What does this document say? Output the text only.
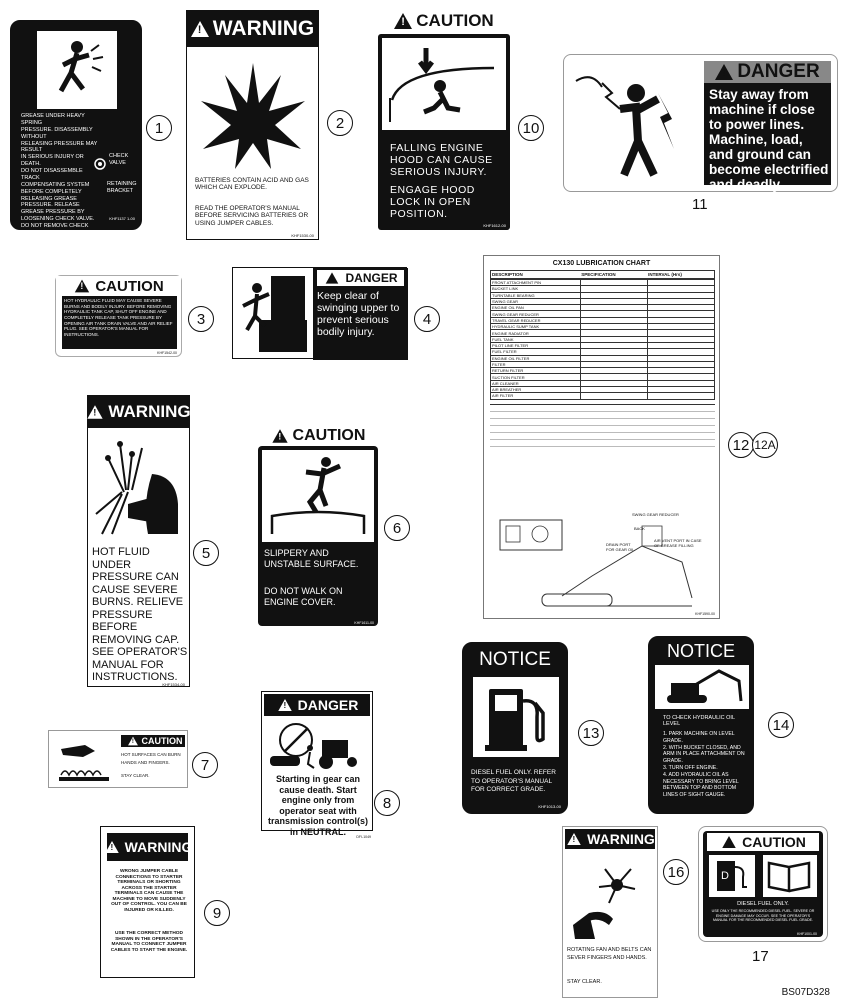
GREASE UNDER HEAVY SPRING
PRESSURE. DISASSEMBLY WITHOUT
RELEASING PRESSURE MAY RESULT
IN SERIOUS INJURY OR DEATH.
DO NOT DISASSEMBLE TRACK
COMPENSATING SYSTEM
BEFORE COMPLETELY
RELEASING GREASE
PRESSURE. RELEASE
GREASE PRESSURE BY
LOOSENING CHECK VALVE.
DO NOT REMOVE CHECK VALVE
OR RETAINING BRACKET.
CHECK VALVE
RETAINING BRACKET
KHF1137 1-00
1
!
WARNING
BATTERIES CONTAIN ACID AND GAS WHICH CAN EXPLODE.
READ THE OPERATOR'S MANUAL BEFORE SERVICING BATTERIES OR USING JUMPER CABLES.
KHF1530-00
2
!
CAUTION
FALLING ENGINE HOOD CAN CAUSE SERIOUS INJURY.
ENGAGE HOOD LOCK IN OPEN POSITION.
KHF1612-00
10
!
DANGER
Stay away from machine if close to power lines. Machine, load, and ground can become electrified and deadly.
11
!
CAUTION
HOT HYDRAULIC FLUID MAY CAUSE SEVERE BURNS AND BODILY INJURY. BEFORE REMOVING HYDRAULIC TANK CAP, SHUT OFF ENGINE AND COMPLETELY RELEASE TANK PRESSURE BY OPENING AIR TANK DRAIN VALVE AND AIR RELIEF PLUG. SEE OPERATOR'S MANUAL FOR INSTRUCTIONS.
KHF1542-00
3
!
DANGER
Keep clear of swinging upper to prevent serious bodily injury.
4
CX130 LUBRICATION CHART
DESCRIPTION	SPECIFICATION	INTERVAL (Hrs)
FRONT ATTACHMENT PIN		
BUCKET LINK		
TURNTABLE BEARING		
SWING GEAR		
ENGINE OIL PAN		
SWING GEAR REDUCER		
TRAVEL GEAR REDUCER		
HYDRAULIC SUMP TANK		
ENGINE RADIATOR		
FUEL TANK		
PILOT LINE FILTER		
FUEL FILTER		
ENGINE OIL FILTER		
FILTER		
RETURN FILTER		
SUCTION FILTER		
AIR CLEANER		
AIR BREATHER		
AIR FILTER		
SWING GEAR REDUCER
BACK
DRAIN PORT FOR GEAR OIL
AIR VENT PORT IN CASE OF GREASE FILLING
KHF1590-00
12 12A
!
WARNING
HOT FLUID UNDER PRESSURE CAN CAUSE SEVERE BURNS. RELIEVE PRESSURE BEFORE REMOVING CAP. SEE OPERATOR'S MANUAL FOR INSTRUCTIONS.
KHF1534-00
5
!
CAUTION
SLIPPERY AND UNSTABLE SURFACE.
DO NOT WALK ON ENGINE COVER.
KHF1611-00
6
!
CAUTION
HOT SURFACES CAN BURN HANDS AND FINGERS.
STAY CLEAR.
7
!
DANGER
Starting in gear can cause death. Start engine only from operator seat with transmission control(s) in NEUTRAL.
DFI-1049
8
!
WARNING
WRONG JUMPER CABLE CONNECTIONS TO STARTER TERMINALS OR SHORTING ACROSS THE STARTER TERMINALS CAN CAUSE THE MACHINE TO MOVE SUDDENLY OUT OF CONTROL. YOU CAN BE INJURED OR KILLED.
USE THE CORRECT METHOD SHOWN IN THE OPERATOR'S MANUAL TO CONNECT JUMPER CABLES TO START THE ENGINE.
9
NOTICE
DIESEL FUEL ONLY. REFER TO OPERATOR'S MANUAL FOR CORRECT GRADE.
KHF1013-00
13
NOTICE
TO CHECK HYDRAULIC OIL LEVEL
1. PARK MACHINE ON LEVEL GRADE.
2. WITH BUCKET CLOSED, AND ARM IN PLACE ATTACHMENT ON GRADE.
3. TURN OFF ENGINE.
4. ADD HYDRAULIC OIL AS NECESSARY TO BRING LEVEL BETWEEN TOP AND BOTTOM LINES OF SIGHT GAUGE.
14
!
WARNING
ROTATING FAN AND BELTS CAN SEVER FINGERS AND HANDS.
STAY CLEAR.
16
!
CAUTION
D
DIESEL FUEL ONLY.
USE ONLY THE RECOMMENDED DIESEL FUEL. SEVERE OR ENGINE DAMAGE MAY OCCUR. SEE THE OPERATOR'S MANUAL FOR THE RECOMMENDED DIESEL FUEL GRADE.
KHF1001-00
17
BS07D328
